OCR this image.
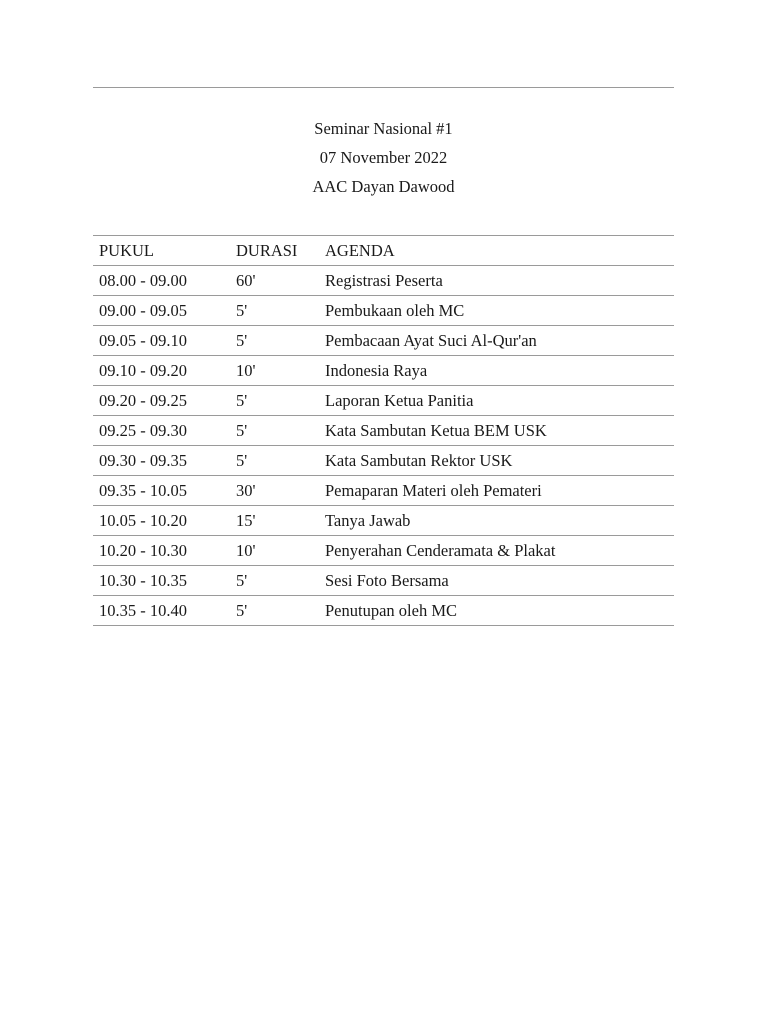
Seminar Nasional #1
07 November 2022
AAC Dayan Dawood
PUKUL	DURASI	AGENDA
08.00 - 09.00	60'	Registrasi Peserta
09.00 - 09.05	5'	Pembukaan oleh MC
09.05 - 09.10	5'	Pembacaan Ayat Suci Al-Qur'an
09.10 - 09.20	10'	Indonesia Raya
09.20 - 09.25	5'	Laporan Ketua Panitia
09.25 - 09.30	5'	Kata Sambutan Ketua BEM USK
09.30 - 09.35	5'	Kata Sambutan Rektor USK
09.35 - 10.05	30'	Pemaparan Materi oleh Pemateri
10.05 - 10.20	15'	Tanya Jawab
10.20 - 10.30	10'	Penyerahan Cenderamata & Plakat
10.30 - 10.35	5'	Sesi Foto Bersama
10.35 - 10.40	5'	Penutupan oleh MC
